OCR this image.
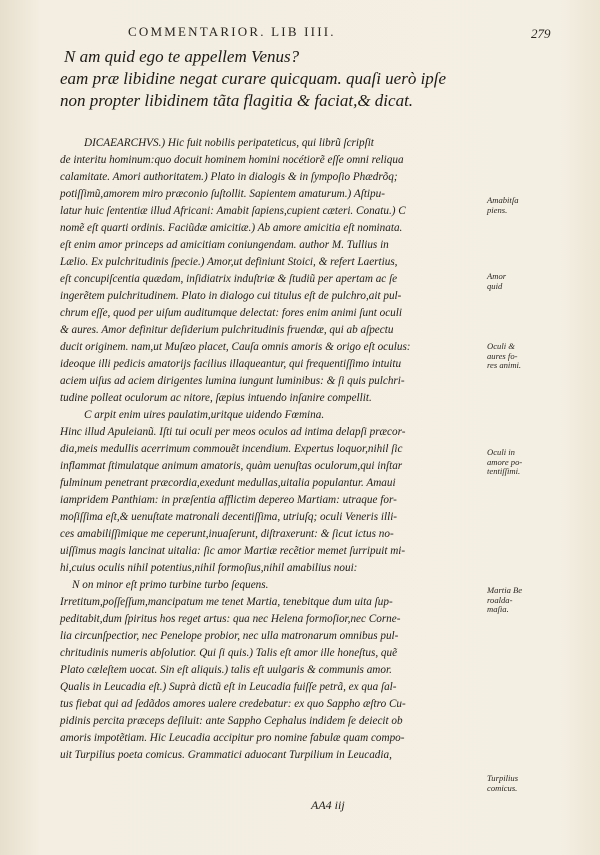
COMMENTARIOR. LIB IIII.	279
N am quid ego te appellem Venus?
eam præ libidine negat curare quicquam. quaſi uerò ipſe
non propter libidinem tãta flagitia & faciat,& dicat.
DICAEARCHVS.) Hic fuit nobilis peripateticus, qui librũ ſcripſit
de interitu hominum:quo docuit hominem homini nocétiorẽ eſſe omni reliqua
calamitate. Amori authoritatem.) Plato in dialogis & in ſympoſio Phædrõq;
potiſſimũ,amorem miro præconio ſuſtollit. Sapientem amaturum.) Aſtipu-
latur huic ſententiæ illud Africani: Amabit ſapiens,cupient cæteri. Conatu.) C
nomẽ eſt quarti ordinis. Faciũdæ amicitiæ.) Ab amore amicitia eſt nominata.
eſt enim amor princeps ad amicitiam coniungendam. author M. Tullius in
Lælio. Ex pulchritudinis ſpecie.) Amor,ut definiunt Stoici, & refert Laertius,
eſt concupiſcentia quædam, inſidiatrix induſtriæ & ſtudiũ per apertam ac ſe
ingerẽtem pulchritudinem. Plato in dialogo cui titulus eſt de pulchro,ait pul-
chrum eſſe, quod per uiſum auditumque delectat: fores enim animi ſunt oculi
& aures. Amor definitur deſiderium pulchritudinis fruendæ, qui ab aſpectu
ducit originem. nam,ut Muſæo placet, Cauſa omnis amoris & origo eſt oculus:
ideoque illi pedicis amatorijs facilius illaqueantur, qui frequentiſſimo intuitu
aciem uiſus ad aciem dirigentes lumina iungunt luminibus: & ſi quis pulchri-
tudine polleat oculorum ac nitore, ſæpius intuendo inſanire compellit.
C arpit enim uires paulatim,uritque uidendo Fœmina.
Hinc illud Apuleianũ. Iſti tui oculi per meos oculos ad intima delapſi præcor-
dia,meis medullis acerrimum commouẽt incendium. Expertus loquor,nihil ſic
inflammat ſtimulatque animum amatoris, quàm uenuſtas oculorum,qui inſtar
fulminum penetrant præcordia,exedunt medullas,uitalia populantur. Amaui
iampridem Panthiam: in præſentia afflictim depereo Martiam: utraque for-
moſiſſima eſt,& uenuſtate matronali decentiſſima, utriuſq; oculi Veneris illi-
ces amabiliſſimique me ceperunt,inuaſerunt, diſtraxerunt: & ſicut ictus no-
uiſſimus magis lancinat uitalia: ſic amor Martiæ recẽtior memet ſurripuit mi-
hi,cuius oculis nihil potentius,nihil formoſius,nihil amabilius noui:
N on minor eſt primo turbine turbo ſequens.
Irretitum,poſſeſſum,mancipatum me tenet Martia, tenebitque dum uita ſup-
peditabit,dum ſpiritus hos reget artus: qua nec Helena formoſior,nec Corne-
lia circunſpectior, nec Penelope probior, nec ulla matronarum omnibus pul-
chritudinis numeris abſolutior. Qui ſi quis.) Talis eſt amor ille honeſtus, quẽ
Plato cæleſtem uocat. Sin eſt aliquis.) talis eſt uulgaris & communis amor.
Qualis in Leucadia eſt.) Suprà dictũ eſt in Leucadia fuiſſe petrã, ex qua ſal-
tus fiebat qui ad ſedãdos amores ualere credebatur: ex quo Sappho æſtro Cu-
pidinis percita præceps deſiluit: ante Sappho Cephalus indidem ſe deiecit ob
amoris impotẽtiam. Hic Leucadia accipitur pro nomine fabulæ quam compo-
uit Turpilius poeta comicus. Grammatici aduocant Turpilium in Leucadia,
Amabitſa
piens.
Amor
quid
Oculi &
aures fo-
res animi.
Oculi in
amore po-
tentiſſimi.
Martia Be
roalda-
maſia.
Turpilius
comicus.
AA4 iij
